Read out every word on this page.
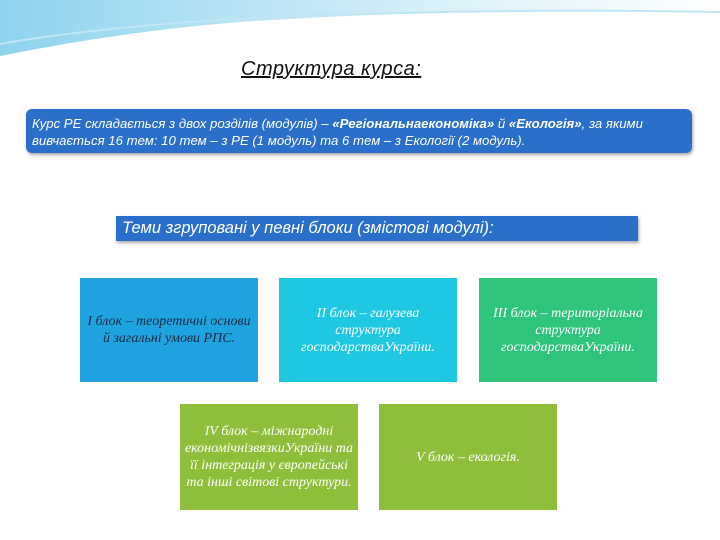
Структура курса:
Курс РЕ складається з двох розділів (модулів) – «Регіональнаекономіка» й «Екологія», за якими вивчається 16 тем: 10 тем – з РЕ (1 модуль) та 6 тем – з Екології (2 модуль).
Теми згруповані у певні блоки (змістові модулі):
І блок – теоретичні основи й загальні умови РПС.
ІІ блок – галузева структура господарстваУкраїни.
ІІІ блок – територіальна структура господарстваУкраїни.
ІV блок – міжнародні економічнізвязкиУкраїни та її інтеграція у європейські та інші світові структури.
V блок – екологія.
